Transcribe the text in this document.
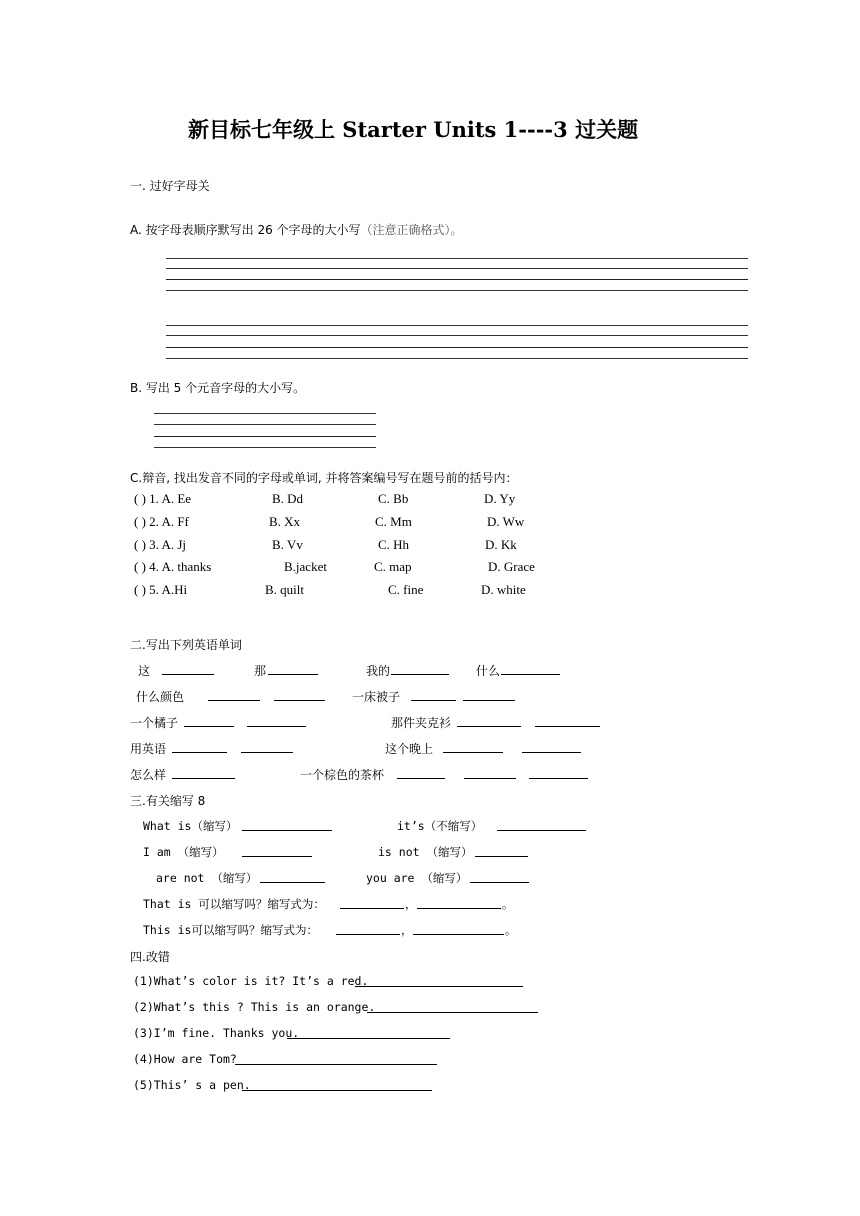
新目标七年级上 Starter Units 1----3 过关题
一. 过好字母关
A. 按字母表顺序默写出 26 个字母的大小写（注意正确格式）。
B. 写出 5 个元音字母的大小写。
C.辩音, 找出发音不同的字母或单词, 并将答案编号写在题号前的括号内：
( ) 1. A. Ee	B. Dd	C. Bb	D. Yy
( ) 2. A. Ff	B. Xx	C. Mm	D. Ww
( ) 3. A. Jj	B. Vv	C. Hh	D. Kk
( ) 4. A. thanks	B.jacket	C. map	D. Grace
( ) 5. A.Hi	B. quilt	C. fine	D. white
二.写出下列英语单词
这	那	我的	什么
什么颜色	一床被子
一个橘子	那件夹克衫
用英语	这个晚上
怎么样	一个棕色的茶杯
三.有关缩写 8
What is（缩写）	it’s（不缩写）
I am （缩写）	is not （缩写）
are not （缩写）	you are （缩写）
That is 可以缩写吗？缩写式为：	，	。
This is可以缩写吗？缩写式为：	，	。
四.改错
(1)What’s color is it? It’s a red.
(2)What’s this ? This is an orange.
(3)I’m fine. Thanks you.
(4)How are Tom?
(5)This’ s a pen.
